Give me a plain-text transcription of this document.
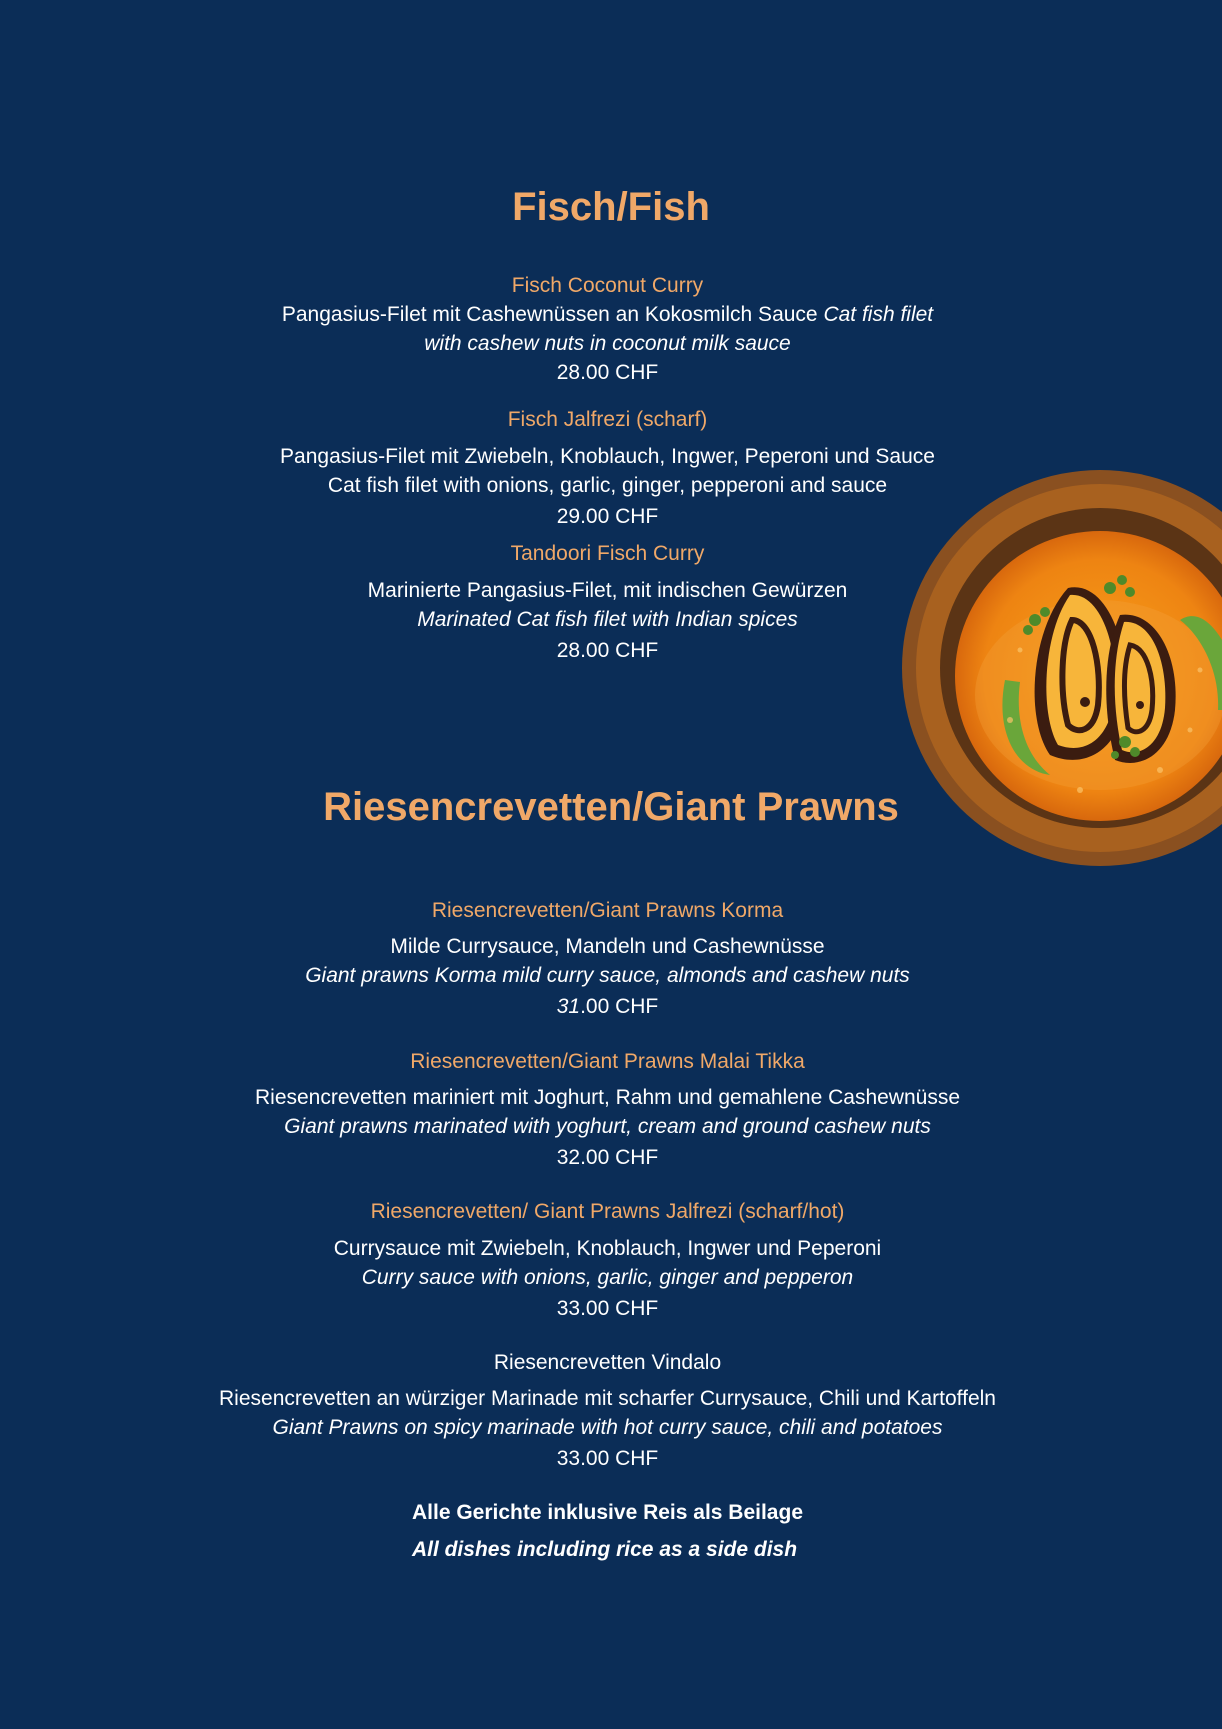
Fisch/Fish
Fisch Coconut Curry
Pangasius-Filet mit Cashewnüssen an Kokosmilch Sauce Cat fish filet
with cashew nuts in coconut milk sauce
28.00 CHF
Fisch Jalfrezi (scharf)
Pangasius-Filet mit Zwiebeln, Knoblauch, Ingwer, Peperoni und Sauce
Cat fish filet with onions, garlic, ginger, pepperoni and sauce
29.00 CHF
Tandoori Fisch Curry
Marinierte Pangasius-Filet, mit indischen Gewürzen
Marinated Cat fish filet with Indian spices
28.00 CHF
Riesencrevetten/Giant Prawns
Riesencrevetten/Giant Prawns Korma
Milde Currysauce, Mandeln und Cashewnüsse
Giant prawns Korma mild curry sauce, almonds and cashew nuts
31.00 CHF
Riesencrevetten/Giant Prawns Malai Tikka
Riesencrevetten mariniert mit Joghurt, Rahm und gemahlene Cashewnüsse
Giant prawns marinated with yoghurt, cream and ground cashew nuts
32.00 CHF
Riesencrevetten/ Giant Prawns Jalfrezi (scharf/hot)
Currysauce mit Zwiebeln, Knoblauch, Ingwer und Peperoni
Curry sauce with onions, garlic, ginger and pepperon
33.00 CHF
Riesencrevetten Vindalo
Riesencrevetten an würziger Marinade mit scharfer Currysauce, Chili und Kartoffeln
Giant Prawns on spicy marinade with hot curry sauce, chili and potatoes
33.00 CHF
Alle Gerichte inklusive Reis als Beilage
All dishes including rice as a side dish
